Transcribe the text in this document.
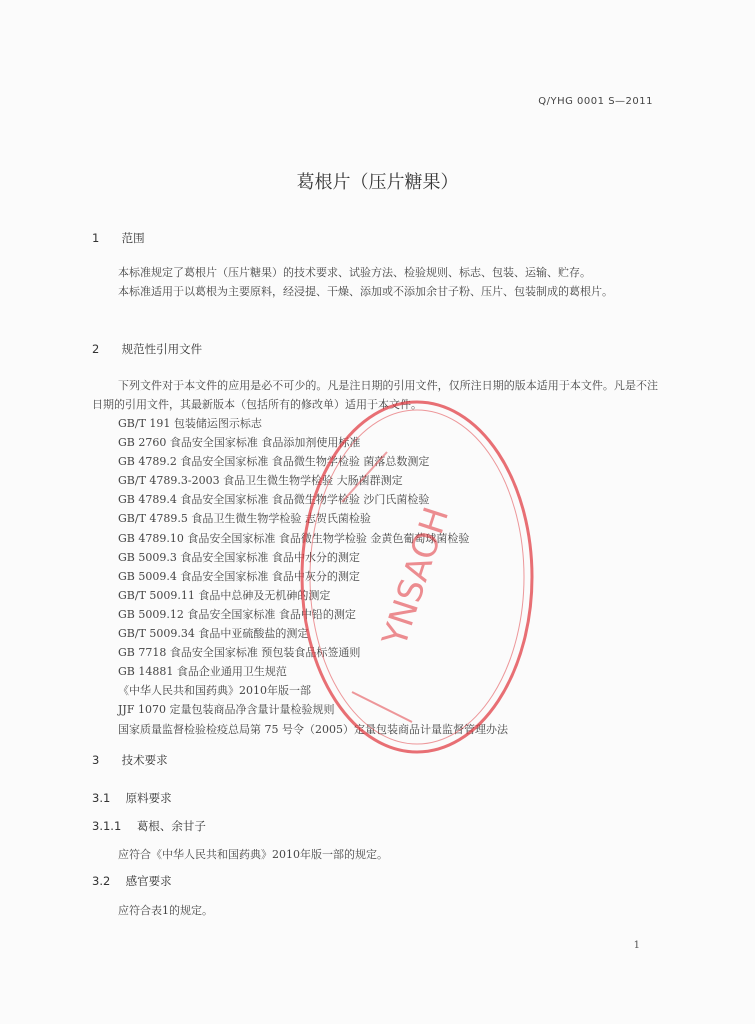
Q/YHG 0001 S—2011
葛根片（压片糖果）
1 范围
本标准规定了葛根片（压片糖果）的技术要求、试验方法、检验规则、标志、包装、运输、贮存。
本标准适用于以葛根为主要原料，经浸提、干燥、添加或不添加余甘子粉、压片、包装制成的葛根片。
2 规范性引用文件
下列文件对于本文件的应用是必不可少的。凡是注日期的引用文件，仅所注日期的版本适用于本文件。凡是不注日期的引用文件，其最新版本（包括所有的修改单）适用于本文件。
GB/T 191 包装储运图示标志
GB 2760 食品安全国家标准 食品添加剂使用标准
GB 4789.2 食品安全国家标准 食品微生物学检验 菌落总数测定
GB/T 4789.3-2003 食品卫生微生物学检验 大肠菌群测定
GB 4789.4 食品安全国家标准 食品微生物学检验 沙门氏菌检验
GB/T 4789.5 食品卫生微生物学检验 志贺氏菌检验
GB 4789.10 食品安全国家标准 食品微生物学检验 金黄色葡萄球菌检验
GB 5009.3 食品安全国家标准 食品中水分的测定
GB 5009.4 食品安全国家标准 食品中灰分的测定
GB/T 5009.11 食品中总砷及无机砷的测定
GB 5009.12 食品安全国家标准 食品中铅的测定
GB/T 5009.34 食品中亚硫酸盐的测定
GB 7718 食品安全国家标准 预包装食品标签通则
GB 14881 食品企业通用卫生规范
《中华人民共和国药典》2010年版一部
JJF 1070 定量包装商品净含量计量检验规则
国家质量监督检验检疫总局第 75 号令（2005）定量包装商品计量监督管理办法
3 技术要求
3.1 原料要求
3.1.1 葛根、余甘子
应符合《中华人民共和国药典》2010年版一部的规定。
3.2 感官要求
应符合表1的规定。
YNSAOH
1
